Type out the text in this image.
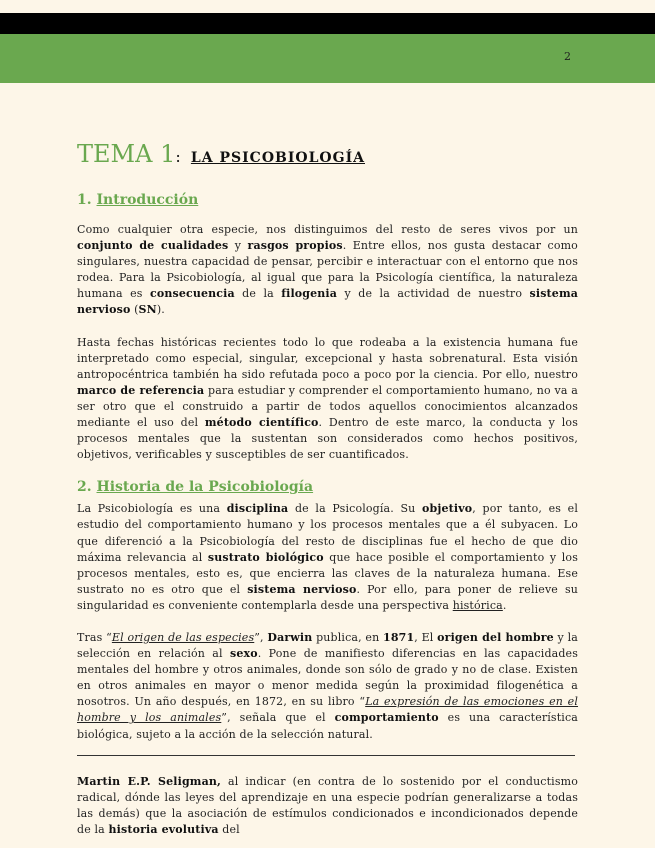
2
TEMA 1: LA PSICOBIOLOGÍA
1. Introducción

Como cualquier otra especie, nos distinguimos del resto de seres vivos por un conjunto de cualidades y rasgos propios. Entre ellos, nos gusta destacar como singulares, nuestra capacidad de pensar, percibir e interactuar con el entorno que nos rodea. Para la Psicobiología, al igual que para la Psicología científica, la naturaleza humana es consecuencia de la filogenia y de la actividad de nuestro sistema nervioso (SN).

Hasta fechas históricas recientes todo lo que rodeaba a la existencia humana fue interpretado como especial, singular, excepcional y hasta sobrenatural. Esta visión antropocéntrica también ha sido refutada poco a poco por la ciencia. Por ello, nuestro marco de referencia para estudiar y comprender el comportamiento humano, no va a ser otro que el construido a partir de todos aquellos conocimientos alcanzados mediante el uso del método científico. Dentro de este marco, la conducta y los procesos mentales que la sustentan son considerados como hechos positivos, objetivos, verificables y susceptibles de ser cuantificados.

2. Historia de la Psicobiología

La Psicobiología es una disciplina de la Psicología. Su objetivo, por tanto, es el estudio del comportamiento humano y los procesos mentales que a él subyacen. Lo que diferenció a la Psicobiología del resto de disciplinas fue el hecho de que dio máxima relevancia al sustrato biológico que hace posible el comportamiento y los procesos mentales, esto es, que encierra las claves de la naturaleza humana. Ese sustrato no es otro que el sistema nervioso. Por ello, para poner de relieve su singularidad es conveniente contemplarla desde una perspectiva histórica.

Tras “El origen de las especies”, Darwin publica, en 1871, El origen del hombre y la selección en relación al sexo. Pone de manifiesto diferencias en las capacidades mentales del hombre y otros animales, donde son sólo de grado y no de clase. Existen en otros animales en mayor o menor medida según la proximidad filogenética a nosotros. Un año después, en 1872, en su libro “La expresión de las emociones en el hombre y los animales”, señala que el comportamiento es una característica biológica, sujeto a la acción de la selección natural.

Martin E.P. Seligman, al indicar (en contra de lo sostenido por el conductismo radical, dónde las leyes del aprendizaje en una especie podrían generalizarse a todas las demás) que la asociación de estímulos condicionados e incondicionados depende de la historia evolutiva del
